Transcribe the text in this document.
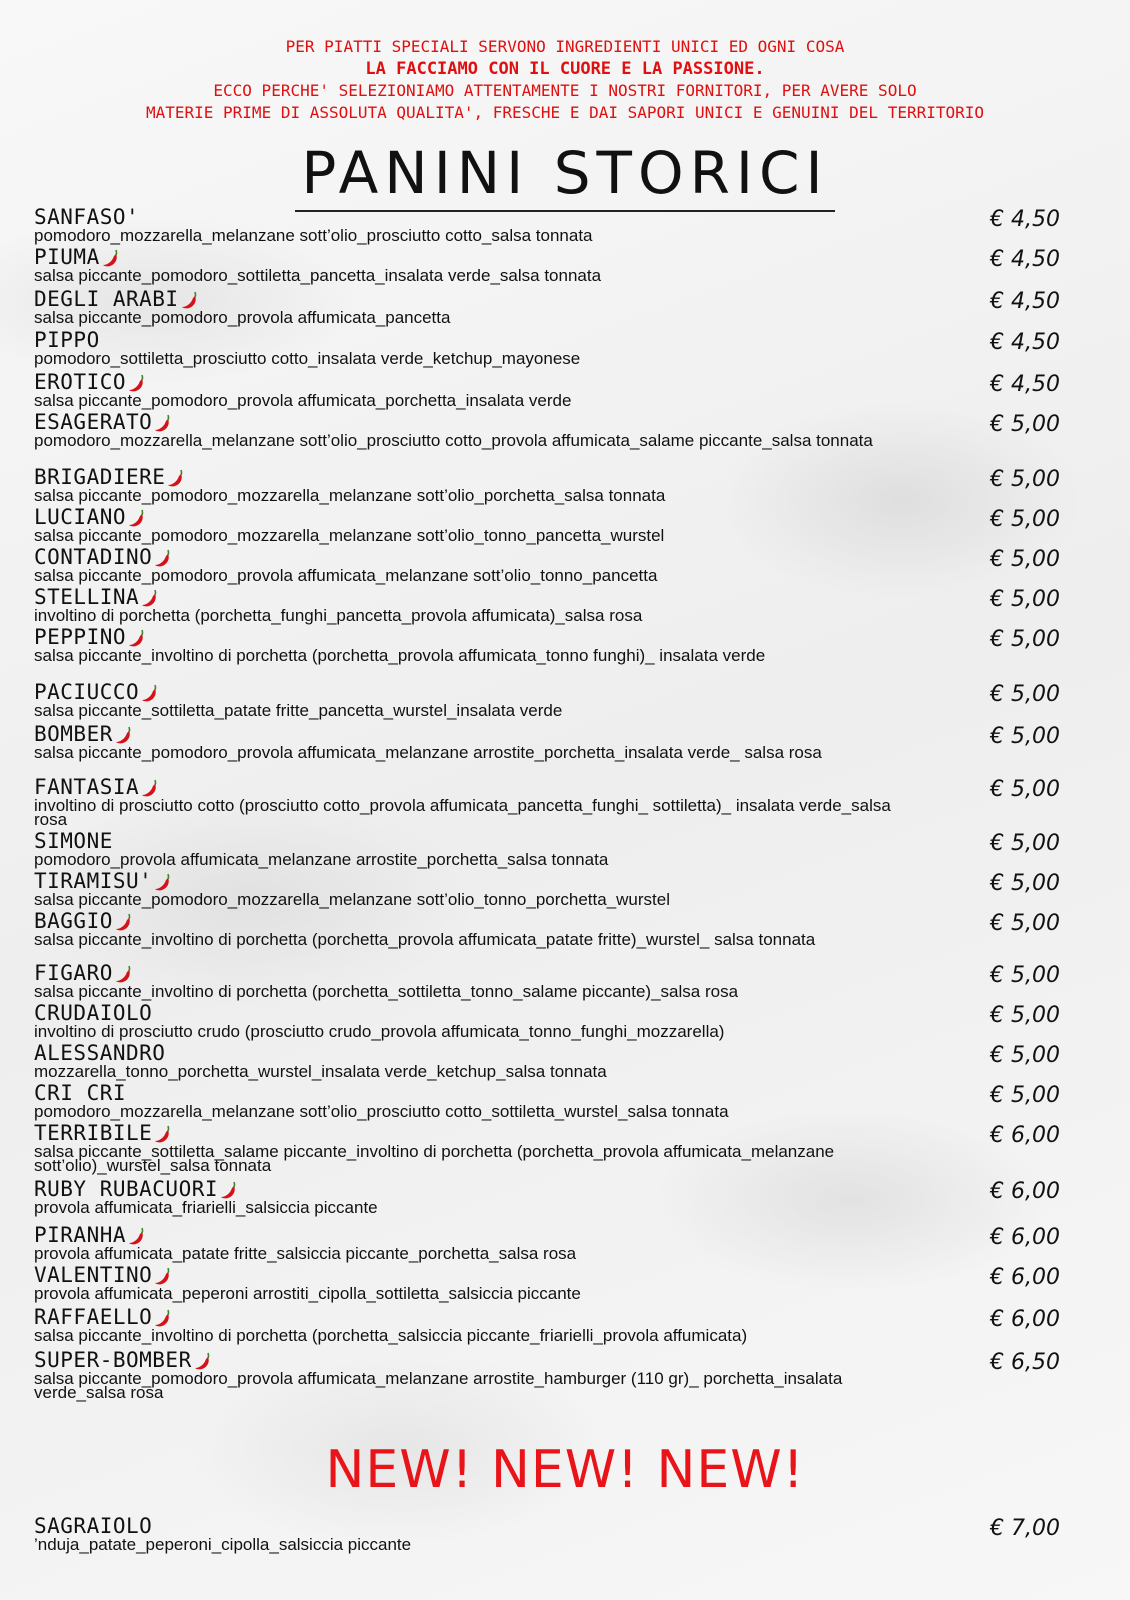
PER PIATTI SPECIALI SERVONO INGREDIENTI UNICI ED OGNI COSA
LA FACCIAMO CON IL CUORE E LA PASSIONE.
ECCO PERCHE' SELEZIONIAMO ATTENTAMENTE I NOSTRI FORNITORI, PER AVERE SOLO
MATERIE PRIME DI ASSOLUTA QUALITA', FRESCHE E DAI SAPORI UNICI E GENUINI DEL TERRITORIO
PANINI STORICI
SANFASO'
pomodoro_mozzarella_melanzane sott’olio_prosciutto cotto_salsa tonnata
€ 4,50
PIUMA
salsa piccante_pomodoro_sottiletta_pancetta_insalata verde_salsa tonnata
€ 4,50
DEGLI ARABI
salsa piccante_pomodoro_provola affumicata_pancetta
€ 4,50
PIPPO
pomodoro_sottiletta_prosciutto cotto_insalata verde_ketchup_mayonese
€ 4,50
EROTICO
salsa piccante_pomodoro_provola affumicata_porchetta_insalata verde
€ 4,50
ESAGERATO
pomodoro_mozzarella_melanzane sott’olio_prosciutto cotto_provola affumicata_salame piccante_salsa tonnata
€ 5,00
BRIGADIERE
salsa piccante_pomodoro_mozzarella_melanzane sott’olio_porchetta_salsa tonnata
€ 5,00
LUCIANO
salsa piccante_pomodoro_mozzarella_melanzane sott’olio_tonno_pancetta_wurstel
€ 5,00
CONTADINO
salsa piccante_pomodoro_provola affumicata_melanzane sott’olio_tonno_pancetta
€ 5,00
STELLINA
involtino di porchetta (porchetta_funghi_pancetta_provola affumicata)_salsa rosa
€ 5,00
PEPPINO
salsa piccante_involtino di porchetta (porchetta_provola affumicata_tonno funghi)_ insalata verde
€ 5,00
PACIUCCO
salsa piccante_sottiletta_patate fritte_pancetta_wurstel_insalata verde
€ 5,00
BOMBER
salsa piccante_pomodoro_provola affumicata_melanzane arrostite_porchetta_insalata verde_ salsa rosa
€ 5,00
FANTASIA
involtino di prosciutto cotto (prosciutto cotto_provola affumicata_pancetta_funghi_ sottiletta)_ insalata verde_salsa rosa
€ 5,00
SIMONE
pomodoro_provola affumicata_melanzane arrostite_porchetta_salsa tonnata
€ 5,00
TIRAMISU'
salsa piccante_pomodoro_mozzarella_melanzane sott’olio_tonno_porchetta_wurstel
€ 5,00
BAGGIO
salsa piccante_involtino di porchetta (porchetta_provola affumicata_patate fritte)_wurstel_ salsa tonnata
€ 5,00
FIGARO
salsa piccante_involtino di porchetta (porchetta_sottiletta_tonno_salame piccante)_salsa rosa
€ 5,00
CRUDAIOLO
involtino di prosciutto crudo (prosciutto crudo_provola affumicata_tonno_funghi_mozzarella)
€ 5,00
ALESSANDRO
mozzarella_tonno_porchetta_wurstel_insalata verde_ketchup_salsa tonnata
€ 5,00
CRI CRI
pomodoro_mozzarella_melanzane sott’olio_prosciutto cotto_sottiletta_wurstel_salsa tonnata
€ 5,00
TERRIBILE
salsa piccante_sottiletta_salame piccante_involtino di porchetta (porchetta_provola affumicata_melanzane sott’olio)_wurstel_salsa tonnata
€ 6,00
RUBY RUBACUORI
provola affumicata_friarielli_salsiccia piccante
€ 6,00
PIRANHA
provola affumicata_patate fritte_salsiccia piccante_porchetta_salsa rosa
€ 6,00
VALENTINO
provola affumicata_peperoni arrostiti_cipolla_sottiletta_salsiccia piccante
€ 6,00
RAFFAELLO
salsa piccante_involtino di porchetta (porchetta_salsiccia piccante_friarielli_provola affumicata)
€ 6,00
SUPER-BOMBER
salsa piccante_pomodoro_provola affumicata_melanzane arrostite_hamburger (110 gr)_ porchetta_insalata verde_salsa rosa
€ 6,50
NEW! NEW! NEW!
SAGRAIOLO
’nduja_patate_peperoni_cipolla_salsiccia piccante
€ 7,00
